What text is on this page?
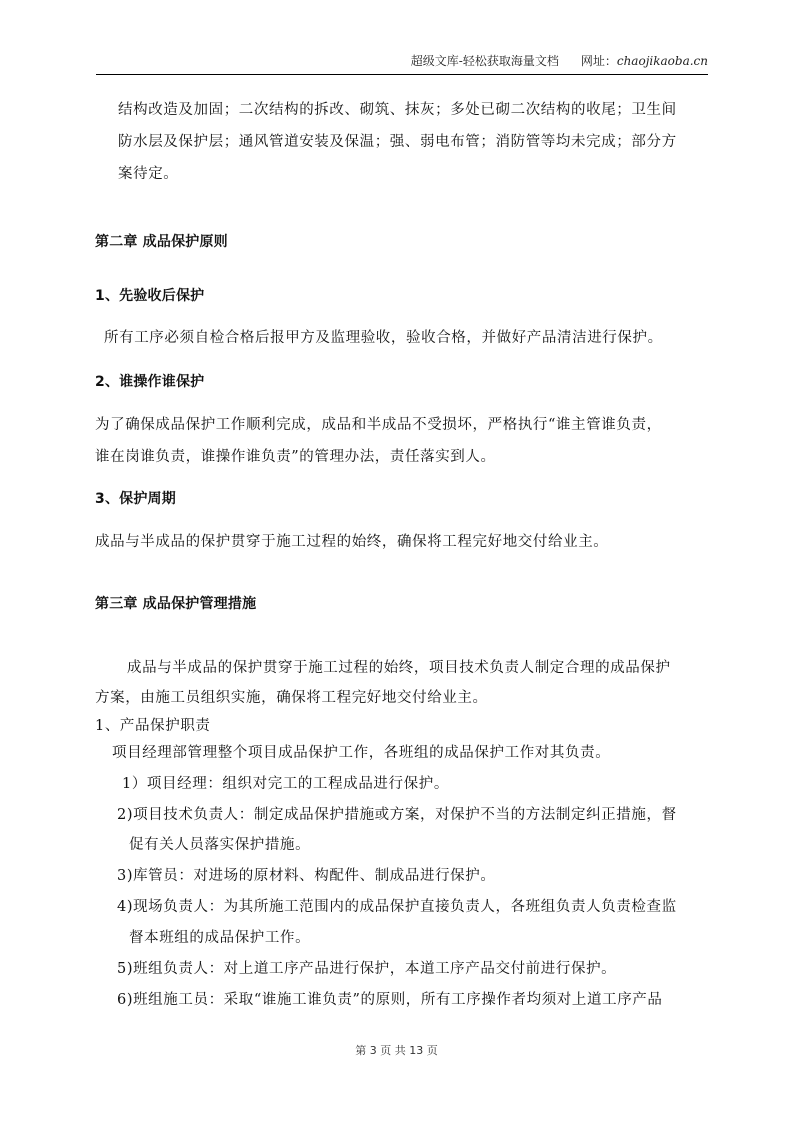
超级文库-轻松获取海量文档 网址：chaojikaoba.cn
结构改造及加固；二次结构的拆改、砌筑、抹灰；多处已砌二次结构的收尾；卫生间
防水层及保护层；通风管道安装及保温；强、弱电布管；消防管等均未完成；部分方
案待定。
第二章 成品保护原则
1、先验收后保护
所有工序必须自检合格后报甲方及监理验收，验收合格，并做好产品清洁进行保护。
2、谁操作谁保护
为了确保成品保护工作顺利完成，成品和半成品不受损坏，严格执行“谁主管谁负责，
谁在岗谁负责，谁操作谁负责”的管理办法，责任落实到人。
3、保护周期
成品与半成品的保护贯穿于施工过程的始终，确保将工程完好地交付给业主。
第三章 成品保护管理措施
成品与半成品的保护贯穿于施工过程的始终，项目技术负责人制定合理的成品保护
方案，由施工员组织实施，确保将工程完好地交付给业主。
1、产品保护职责
项目经理部管理整个项目成品保护工作，各班组的成品保护工作对其负责。
1）项目经理：组织对完工的工程成品进行保护。
2)项目技术负责人：制定成品保护措施或方案，对保护不当的方法制定纠正措施，督
促有关人员落实保护措施。
3)库管员：对进场的原材料、构配件、制成品进行保护。
4)现场负责人：为其所施工范围内的成品保护直接负责人，各班组负责人负责检查监
督本班组的成品保护工作。
5)班组负责人：对上道工序产品进行保护，本道工序产品交付前进行保护。
6)班组施工员：采取“谁施工谁负责”的原则，所有工序操作者均须对上道工序产品
第 3 页 共 13 页
